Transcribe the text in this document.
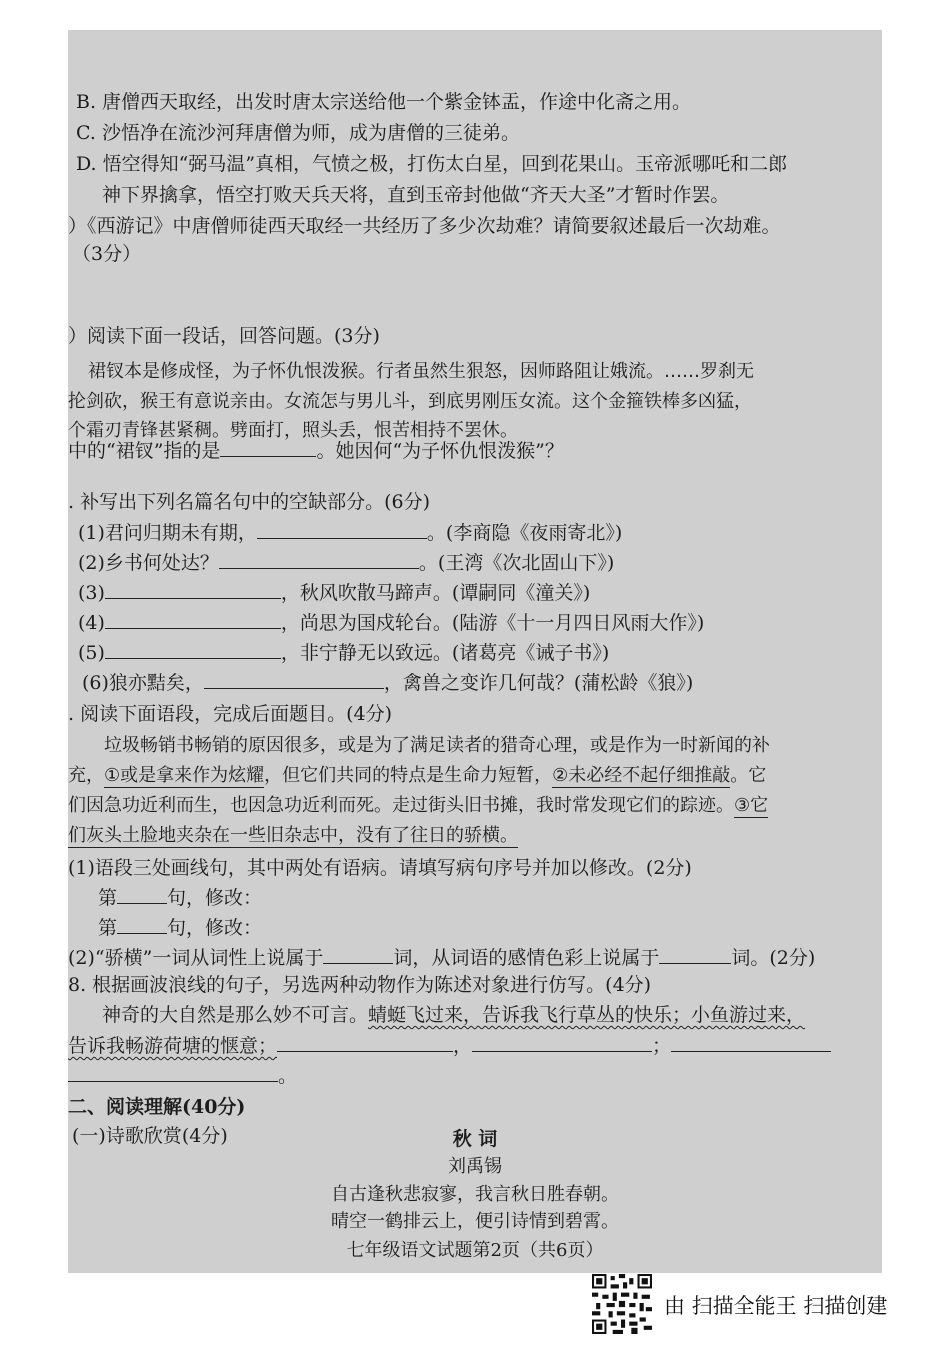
B. 唐僧西天取经，出发时唐太宗送给他一个紫金钵盂，作途中化斋之用。
C. 沙悟净在流沙河拜唐僧为师，成为唐僧的三徒弟。
D. 悟空得知“弼马温”真相，气愤之极，打伤太白星，回到花果山。玉帝派哪吒和二郎
神下界擒拿，悟空打败天兵天将，直到玉帝封他做“齐天大圣”才暂时作罢。
）《西游记》中唐僧师徒西天取经一共经历了多少次劫难？请简要叙述最后一次劫难。
（3分）
）阅读下面一段话，回答问题。(3分)
裙钗本是修成怪，为子怀仇恨泼猴。行者虽然生狠怒，因师路阻让娥流。……罗刹无
抡剑砍，猴王有意说亲由。女流怎与男儿斗，到底男刚压女流。这个金箍铁棒多凶猛，
个霜刃青锋甚紧稠。劈面打，照头丢，恨苦相持不罢休。
中的“裙钗”指的是	。她因何“为子怀仇恨泼猴”？
. 补写出下列名篇名句中的空缺部分。(6分)
(1)君问归期未有期，	。(李商隐《夜雨寄北》)
(2)乡书何处达？	。(王湾《次北固山下》)
(3)	，秋风吹散马蹄声。(谭嗣同《潼关》)
(4)	，尚思为国戍轮台。(陆游《十一月四日风雨大作》)
(5)	，非宁静无以致远。(诸葛亮《诫子书》)
(6)狼亦黠矣，	，禽兽之变诈几何哉？(蒲松龄《狼》)
. 阅读下面语段，完成后面题目。(4分)
垃圾畅销书畅销的原因很多，或是为了满足读者的猎奇心理，或是作为一时新闻的补
充，①或是拿来作为炫耀，但它们共同的特点是生命力短暂，②未必经不起仔细推敲。它
们因急功近利而生，也因急功近利而死。走过街头旧书摊，我时常发现它们的踪迹。③它
们灰头土脸地夹杂在一些旧杂志中，没有了往日的骄横。
(1)语段三处画线句，其中两处有语病。请填写病句序号并加以修改。(2分)
第	句，修改：
第	句，修改：
(2)“骄横”一词从词性上说属于	词，从词语的感情色彩上说属于	词。(2分)
8. 根据画波浪线的句子，另选两种动物作为陈述对象进行仿写。(4分)
神奇的大自然是那么妙不可言。蜻蜓飞过来，告诉我飞行草丛的快乐；小鱼游过来，
告诉我畅游荷塘的惬意；	，	；
。
二、阅读理解(40分)
(一)诗歌欣赏(4分)	秋 词
刘禹锡
自古逢秋悲寂寥，我言秋日胜春朝。
晴空一鹤排云上，便引诗情到碧霄。
七年级语文试题第2页（共6页）
由 扫描全能王 扫描创建
